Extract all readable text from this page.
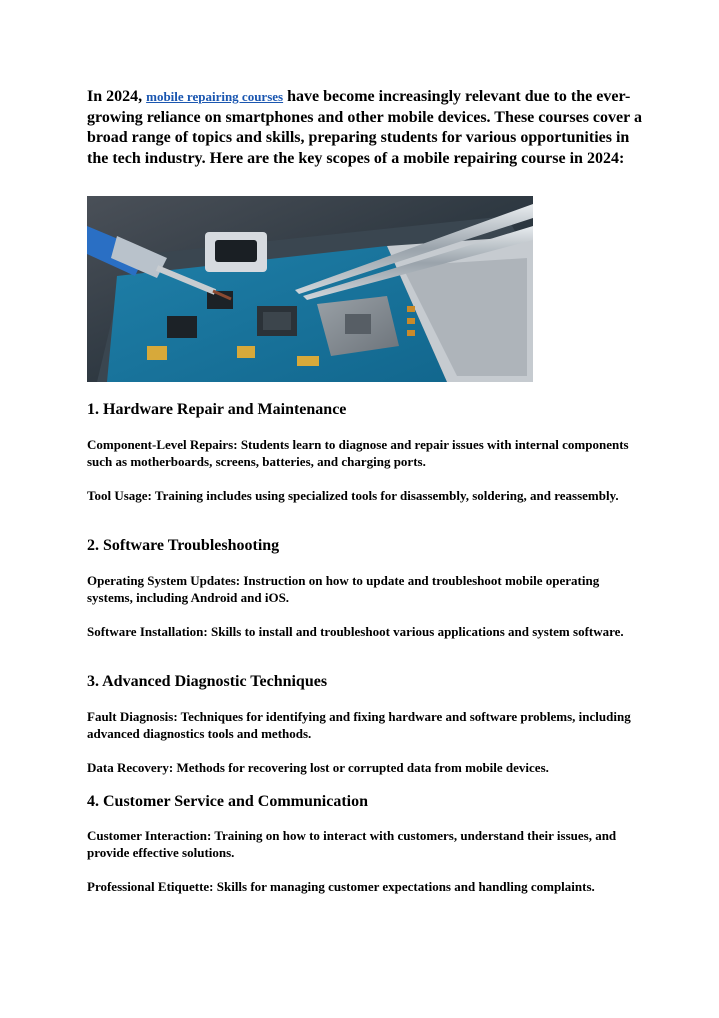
In 2024, mobile repairing courses have become increasingly relevant due to the ever-growing reliance on smartphones and other mobile devices. These courses cover a broad range of topics and skills, preparing students for various opportunities in the tech industry. Here are the key scopes of a mobile repairing course in 2024:

1. Hardware Repair and Maintenance

Component-Level Repairs: Students learn to diagnose and repair issues with internal components such as motherboards, screens, batteries, and charging ports.

Tool Usage: Training includes using specialized tools for disassembly, soldering, and reassembly.

2. Software Troubleshooting

Operating System Updates: Instruction on how to update and troubleshoot mobile operating systems, including Android and iOS.

Software Installation: Skills to install and troubleshoot various applications and system software.

3. Advanced Diagnostic Techniques

Fault Diagnosis: Techniques for identifying and fixing hardware and software problems, including advanced diagnostics tools and methods.

Data Recovery: Methods for recovering lost or corrupted data from mobile devices.

4. Customer Service and Communication

Customer Interaction: Training on how to interact with customers, understand their issues, and provide effective solutions.

Professional Etiquette: Skills for managing customer expectations and handling complaints.
